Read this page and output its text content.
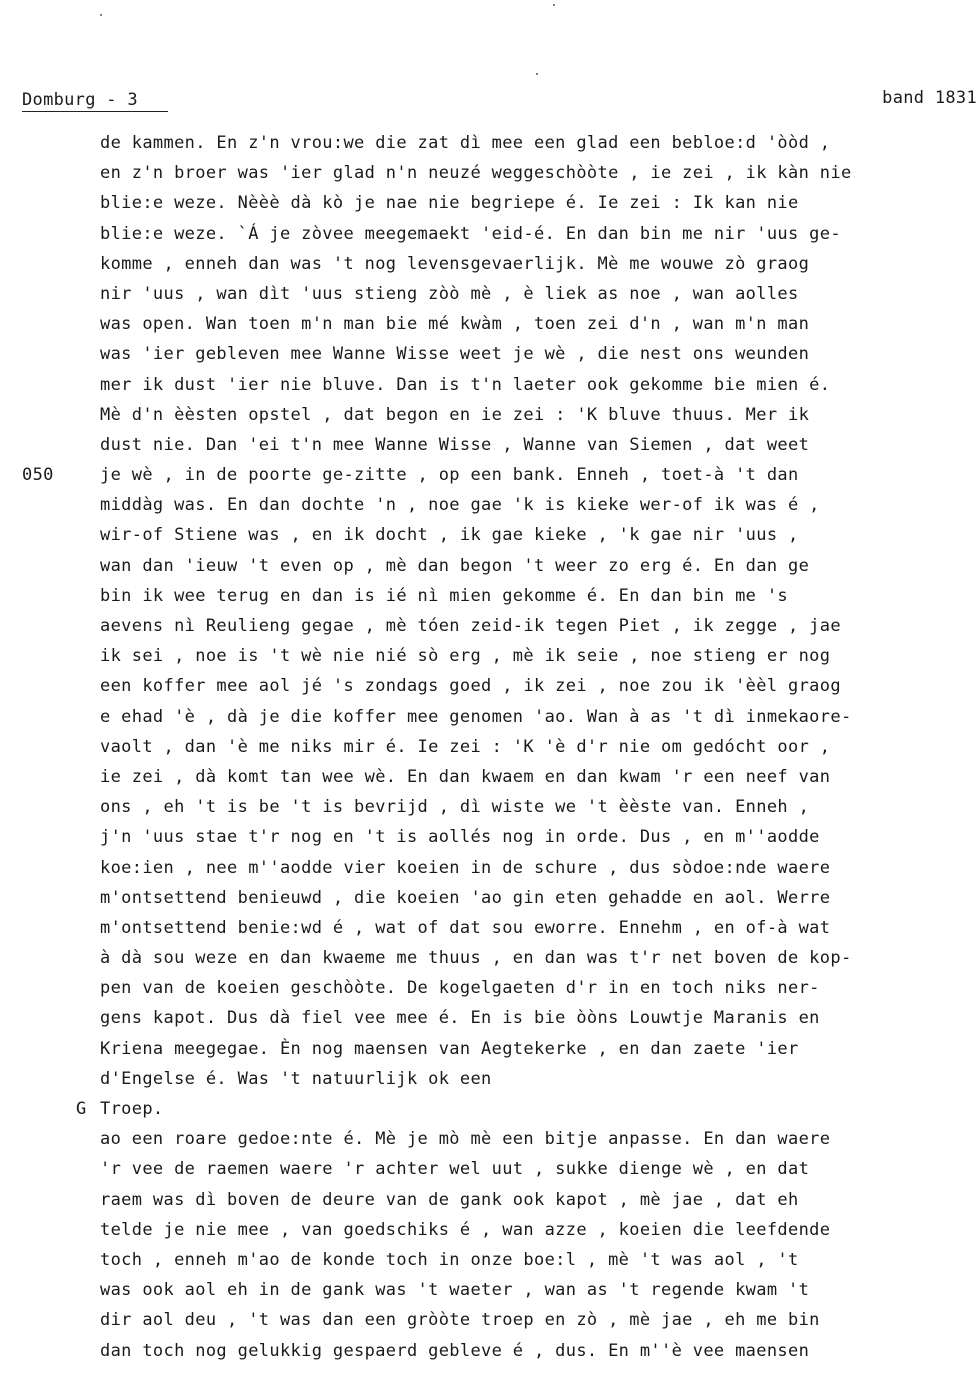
Domburg - 3	band 1831
de kammen. En z'n vrou:we die zat dì mee een glad een bebloe:d 'òòd ,
en z'n broer was 'ier glad n'n neuzé weggeschòòte , ie zei , ik kàn nie
blie:e weze. Nèèè dà kò je nae nie begriepe é. Ie zei : Ik kan nie
blie:e weze. `Á je zòvee meegemaekt 'eid-é. En dan bin me nir 'uus ge-
komme , enneh dan was 't nog levensgevaerlijk. Mè me wouwe zò graog
nir 'uus , wan dìt 'uus stieng zòò mè , è liek as noe , wan aolles
was open. Wan toen m'n man bie mé kwàm , toen zei d'n , wan m'n man
was 'ier gebleven mee Wanne Wisse weet je wè , die nest ons weunden
mer ik dust 'ier nie bluve. Dan is t'n laeter ook gekomme bie mien é.
Mè d'n èèsten opstel , dat begon en ie zei : 'K bluve thuus. Mer ik
dust nie. Dan 'ei t'n mee Wanne Wisse , Wanne van Siemen , dat weet
050	je wè , in de poorte ge-zitte , op een bank. Enneh , toet-à 't dan
middàg was. En dan dochte 'n , noe gae 'k is kieke wer-of ik was é ,
wir-of Stiene was , en ik docht , ik gae kieke , 'k gae nir 'uus ,
wan dan 'ieuw 't even op , mè dan begon 't weer zo erg é. En dan ge
bin ik wee terug en dan is ié nì mien gekomme é. En dan bin me 's
aevens nì Reulieng gegae , mè tóen zeid-ik tegen Piet , ik zegge , jae
ik sei , noe is 't wè nie nié sò erg , mè ik seie , noe stieng er nog
een koffer mee aol jé 's zondags goed , ik zei , noe zou ik 'èèl graog
e ehad 'è , dà je die koffer mee genomen 'ao. Wan à as 't dì inmekaore-
vaolt , dan 'è me niks mir é. Ie zei : 'K 'è d'r nie om gedócht oor ,
ie zei , dà komt tan wee wè. En dan kwaem en dan kwam 'r een neef van
ons , eh 't is be 't is bevrijd , dì wiste we 't èèste van. Enneh ,
j'n 'uus stae t'r nog en 't is aollés nog in orde. Dus , en m''aodde
koe:ien , nee m''aodde vier koeien in de schure , dus sòdoe:nde waere
m'ontsettend benieuwd , die koeien 'ao gin eten gehadde en aol. Werre
m'ontsettend benie:wd é , wat of dat sou eworre. Ennehm , en of-à wat
à dà sou weze en dan kwaeme me thuus , en dan was t'r net boven de kop-
pen van de koeien geschòòte. De kogelgaeten d'r in en toch niks ner-
gens kapot. Dus dà fiel vee mee é. En is bie òòns Louwtje Maranis en
Kriena meegegae. Èn nog maensen van Aegtekerke , en dan zaete 'ier
d'Engelse é. Was 't natuurlijk ok een
G Troep.
ao een roare gedoe:nte é. Mè je mò mè een bitje anpasse. En dan waere
'r vee de raemen waere 'r achter wel uut , sukke dienge wè , en dat
raem was dì boven de deure van de gank ook kapot , mè jae , dat eh
telde je nie mee , van goedschiks é , wan azze , koeien die leefdende
toch , enneh m'ao de konde toch in onze boe:l , mè 't was aol , 't
was ook aol eh in de gank was 't waeter , wan as 't regende kwam 't
dir aol deu , 't was dan een gròòte troep en zò , mè jae , eh me bin
dan toch nog gelukkig gespaerd gebleve é , dus. En m''è vee maensen
